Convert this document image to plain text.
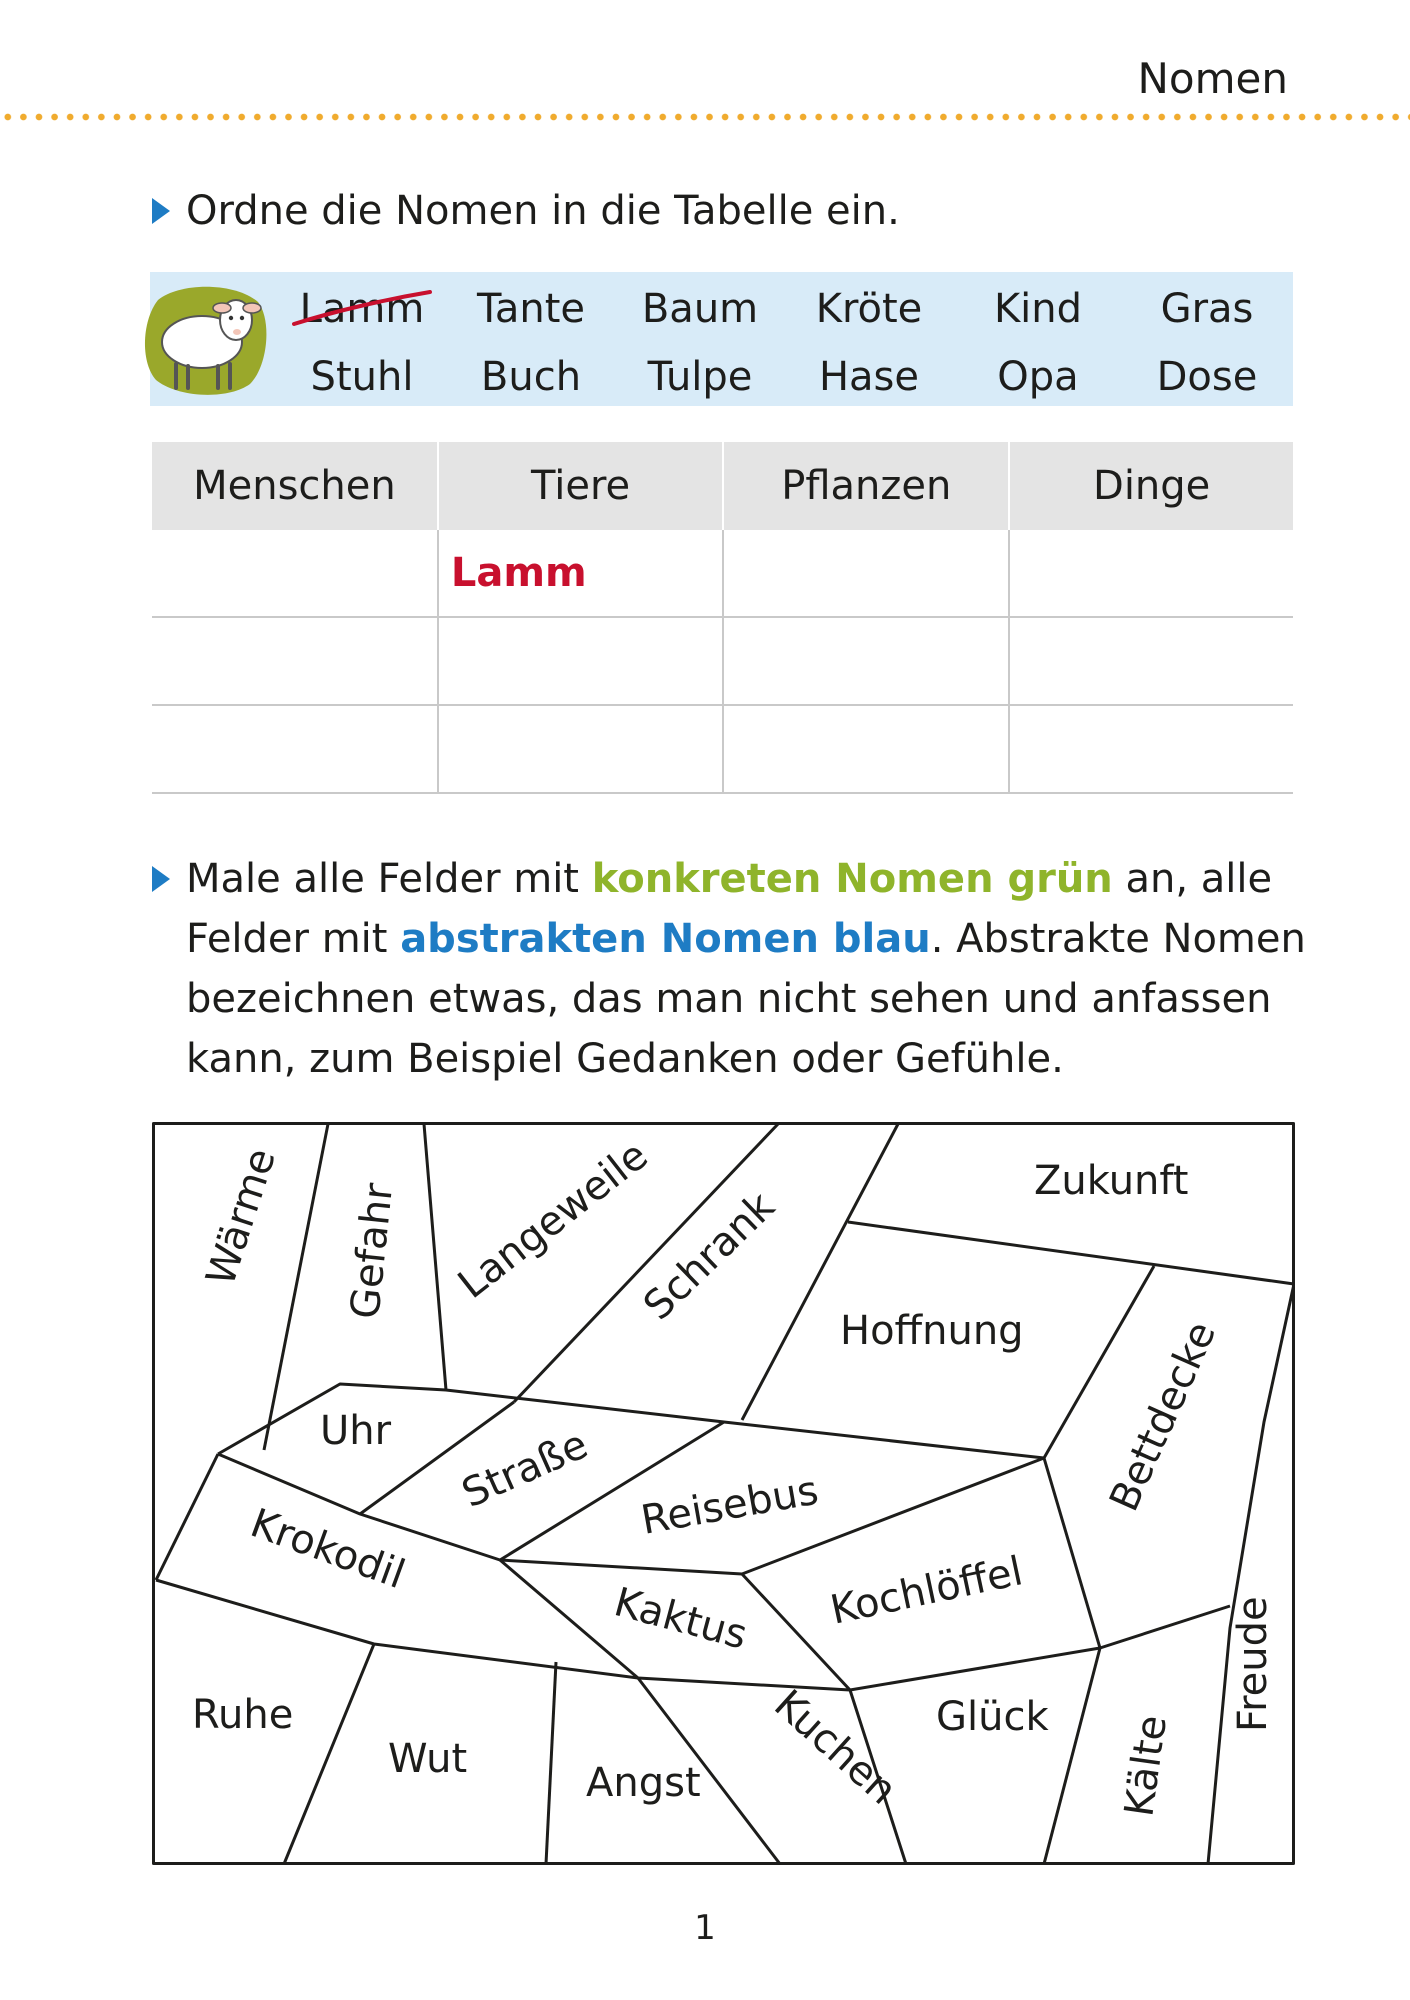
Nomen
Ordne die Nomen in die Tabelle ein.
Lamm	Tante	Baum	Kröte	Kind	Gras
Stuhl	Buch	Tulpe	Hase	Opa	Dose
Menschen	Tiere	Pflanzen	Dinge
	Lamm		

Male alle Felder mit konkreten Nomen grün an, alle
Felder mit abstrakten Nomen blau. Abstrakte Nomen
bezeichnen etwas, das man nicht sehen und anfassen
kann, zum Beispiel Gedanken oder Gefühle.
Wärme Gefahr Langeweile
Schrank
Zukunft
Hoffnung Bettdecke
Uhr Straße Reisebus
Krokodil
Kaktus Kochlöffel
Freude
Ruhe
Wut
Angst Kuchen Glück Kälte
1
